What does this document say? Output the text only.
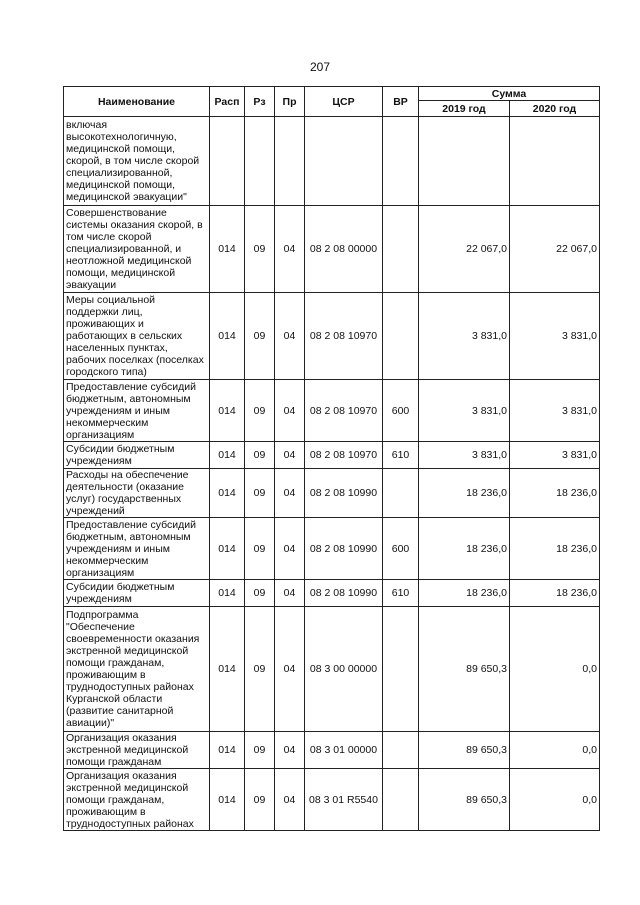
207
Наименование	Расп	Рз	Пр	ЦСР	ВР	Сумма	
						2019 год	2020 год
включая высокотехнологичную, медицинской помощи, скорой, в том числе скорой специализированной, медицинской помощи, медицинской эвакуации"							
Совершенствование системы оказания скорой, в том числе скорой специализированной, и неотложной медицинской помощи, медицинской эвакуации	014	09	04	08 2 08 00000		22 067,0	22 067,0
Меры социальной поддержки лиц, проживающих и работающих в сельских населенных пунктах, рабочих поселках (поселках городского типа)	014	09	04	08 2 08 10970		3 831,0	3 831,0
Предоставление субсидий бюджетным, автономным учреждениям и иным некоммерческим организациям	014	09	04	08 2 08 10970	600	3 831,0	3 831,0
Субсидии бюджетным учреждениям	014	09	04	08 2 08 10970	610	3 831,0	3 831,0
Расходы на обеспечение деятельности (оказание услуг) государственных учреждений	014	09	04	08 2 08 10990		18 236,0	18 236,0
Предоставление субсидий бюджетным, автономным учреждениям и иным некоммерческим организациям	014	09	04	08 2 08 10990	600	18 236,0	18 236,0
Субсидии бюджетным учреждениям	014	09	04	08 2 08 10990	610	18 236,0	18 236,0
Подпрограмма "Обеспечение своевременности оказания экстренной медицинской помощи гражданам, проживающим в труднодоступных районах Курганской области (развитие санитарной авиации)"	014	09	04	08 3 00 00000		89 650,3	0,0
Организация оказания экстренной медицинской помощи гражданам	014	09	04	08 3 01 00000		89 650,3	0,0
Организация оказания экстренной медицинской помощи гражданам, проживающим в труднодоступных районах	014	09	04	08 3 01 R5540		89 650,3	0,0
